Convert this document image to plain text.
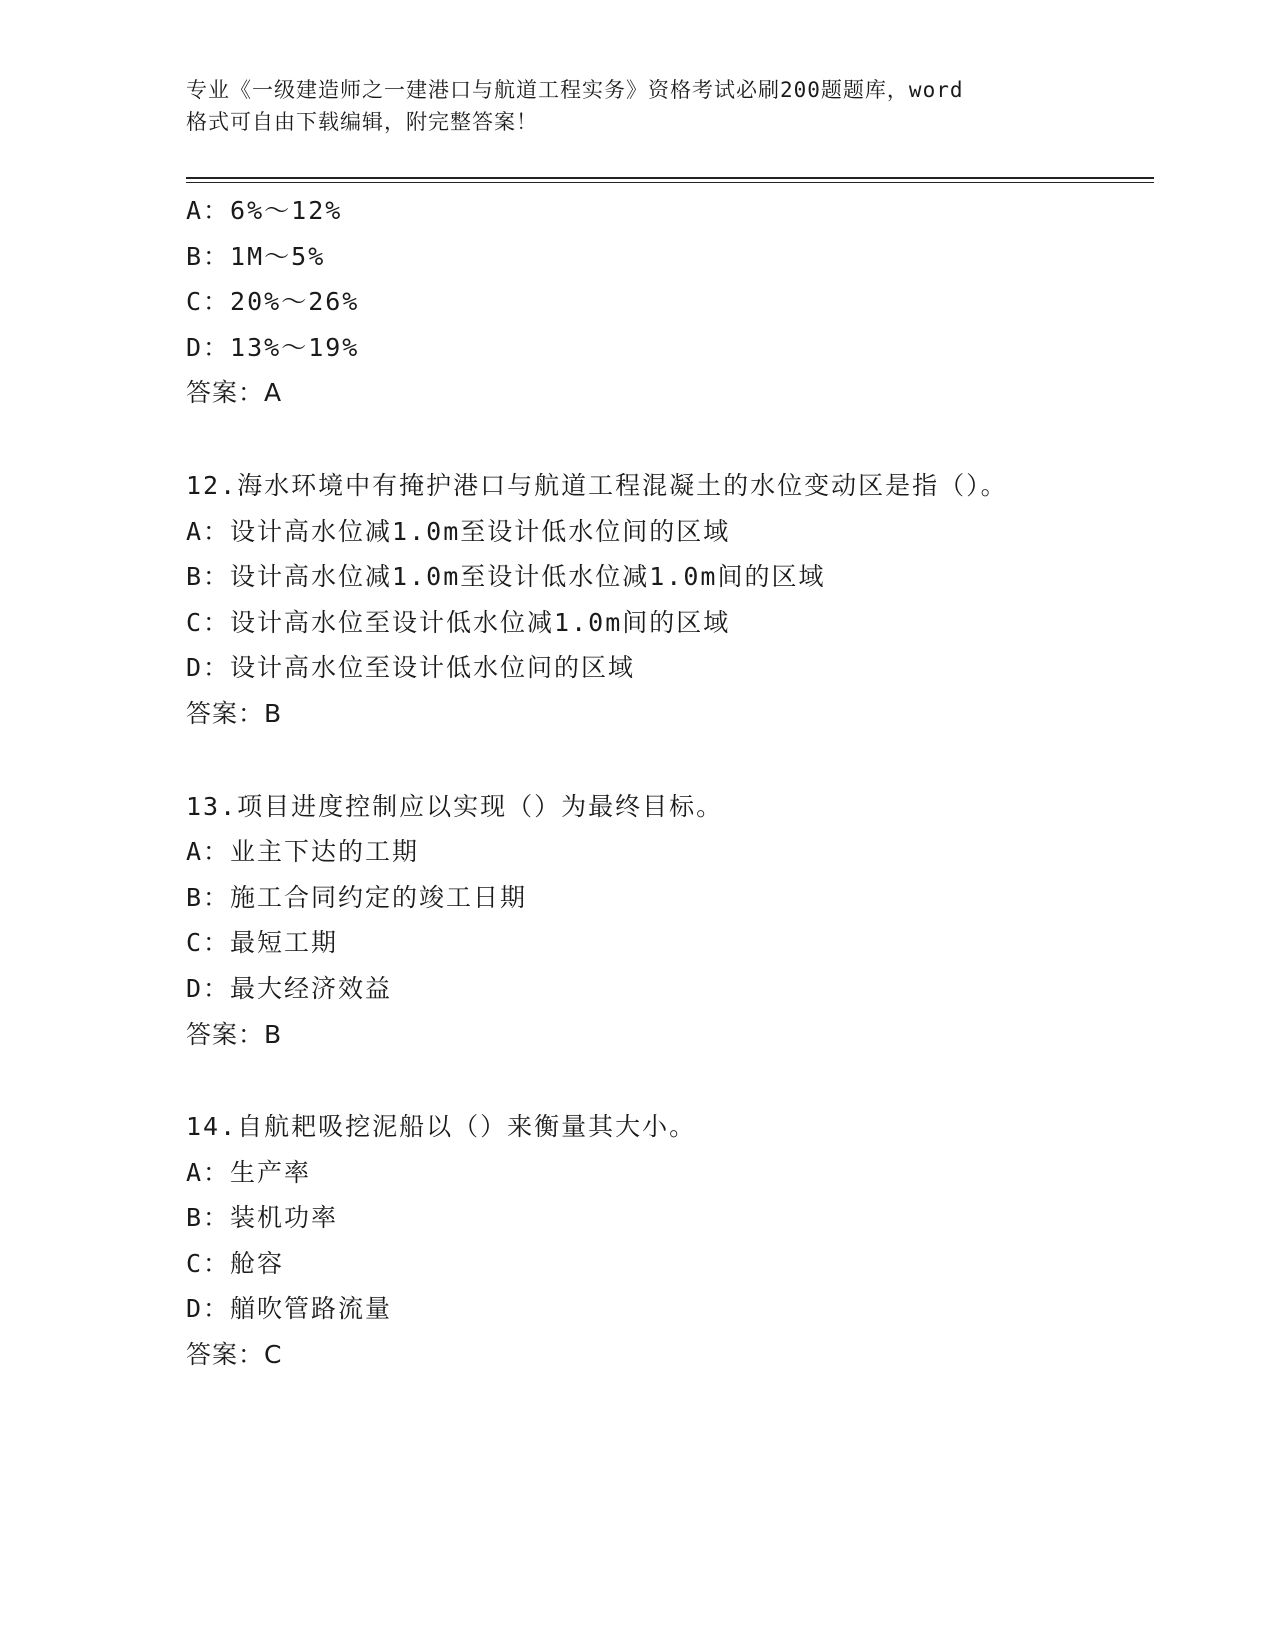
专业《一级建造师之一建港口与航道工程实务》资格考试必刷200题题库，word
格式可自由下载编辑，附完整答案！
A：6%～12%
B：1M～5%
C：20%～26%
D：13%～19%
答案：A
12.海水环境中有掩护港口与航道工程混凝土的水位变动区是指（）。
A：设计高水位减1.0m至设计低水位间的区域
B：设计高水位减1.0m至设计低水位减1.0m间的区域
C：设计高水位至设计低水位减1.0m间的区域
D：设计高水位至设计低水位问的区域
答案：B
13.项目进度控制应以实现（）为最终目标。
A：业主下达的工期
B：施工合同约定的竣工日期
C：最短工期
D：最大经济效益
答案：B
14.自航耙吸挖泥船以（）来衡量其大小。
A：生产率
B：装机功率
C：舱容
D：艏吹管路流量
答案：C
